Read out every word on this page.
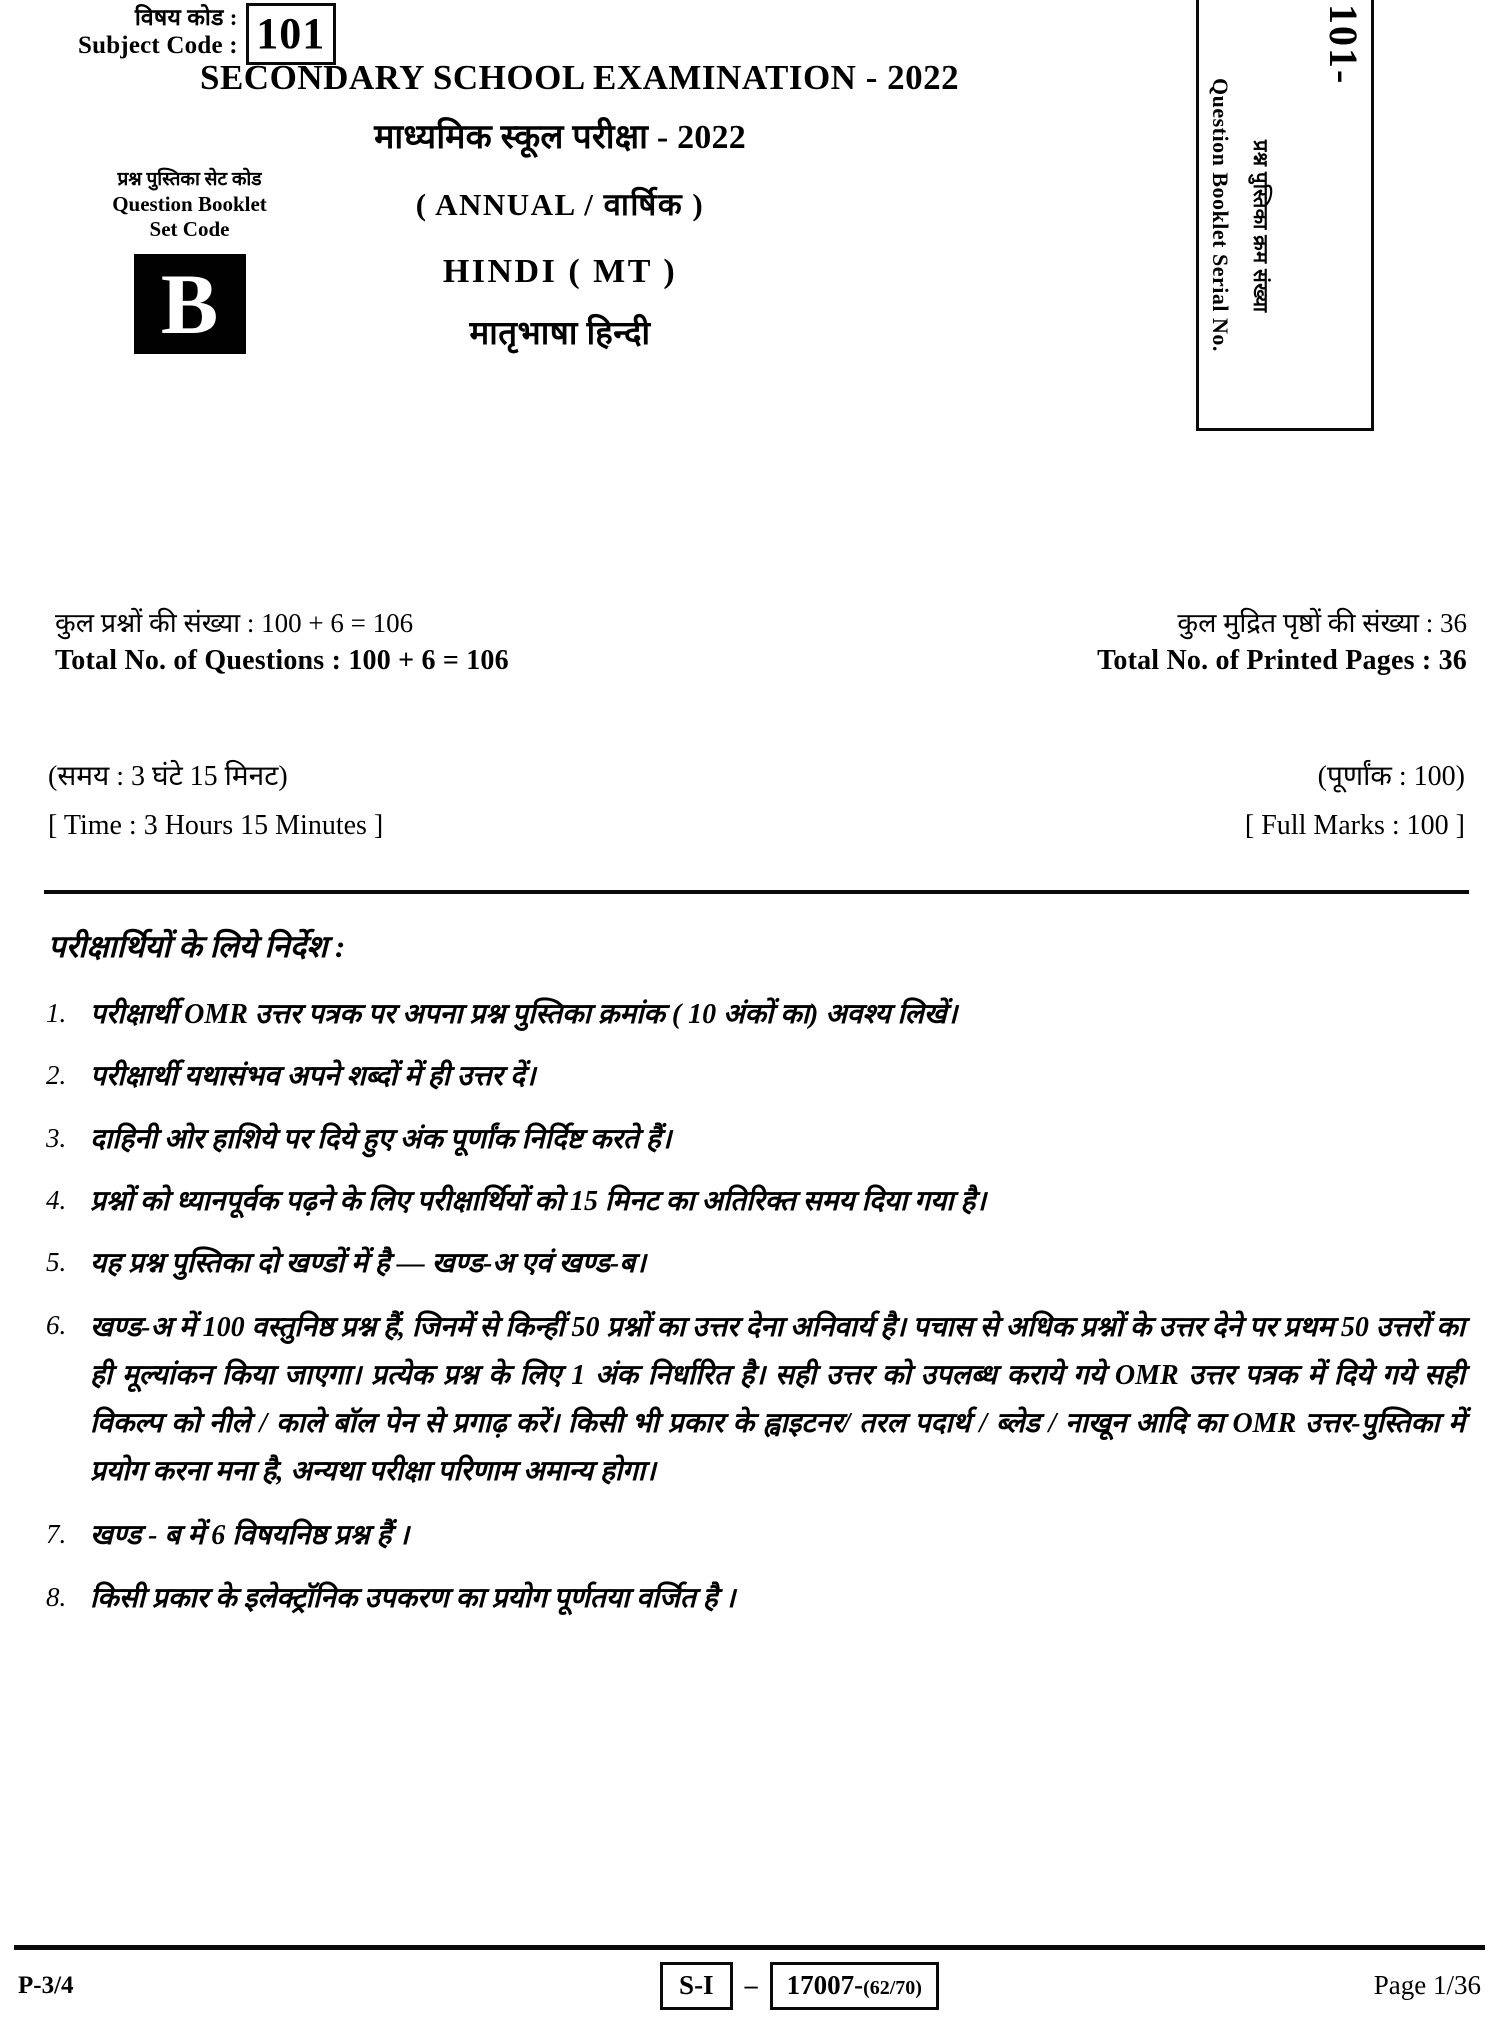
विषय कोड :
Subject Code : 101
SECONDARY SCHOOL EXAMINATION - 2022
माध्यमिक स्कूल परीक्षा - 2022
( ANNUAL / वार्षिक )
HINDI ( MT )
मातृभाषा हिन्दी
प्रश्न पुस्तिका सेट कोड
Question Booklet
Set Code
B
101-
Question Booklet Serial No. प्रश्न पुस्तिका क्रम संख्या
कुल प्रश्नों की संख्या : 100 + 6 = 106
Total No. of Questions : 100 + 6 = 106
कुल मुद्रित पृष्ठों की संख्या : 36
Total No. of Printed Pages : 36
(समय : 3 घंटे 15 मिनट)
[ Time : 3 Hours 15 Minutes ]
(पूर्णांक : 100)
[ Full Marks : 100 ]
परीक्षार्थियों के लिये निर्देश :
1. परीक्षार्थी OMR उत्तर पत्रक पर अपना प्रश्न पुस्तिका क्रमांक ( 10 अंकों का) अवश्य लिखें।
2. परीक्षार्थी यथासंभव अपने शब्दों में ही उत्तर दें।
3. दाहिनी ओर हाशिये पर दिये हुए अंक पूर्णांक निर्दिष्ट करते हैं।
4. प्रश्नों को ध्यानपूर्वक पढ़ने के लिए परीक्षार्थियों को 15 मिनट का अतिरिक्त समय दिया गया है।
5. यह प्रश्न पुस्तिका दो खण्डों में है — खण्ड-अ एवं खण्ड-ब।
6. खण्ड-अ में 100 वस्तुनिष्ठ प्रश्न हैं, जिनमें से किन्हीं 50 प्रश्नों का उत्तर देना अनिवार्य है। पचास से अधिक प्रश्नों के उत्तर देने पर प्रथम 50 उत्तरों का ही मूल्यांकन किया जाएगा। प्रत्येक प्रश्न के लिए 1 अंक निर्धारित है। सही उत्तर को उपलब्ध कराये गये OMR उत्तर पत्रक में दिये गये सही विकल्प को नीले / काले बॉल पेन से प्रगाढ़ करें। किसी भी प्रकार के ह्वाइटनर/ तरल पदार्थ / ब्लेड / नाखून आदि का OMR उत्तर-पुस्तिका में प्रयोग करना मना है, अन्यथा परीक्षा परिणाम अमान्य होगा।
7. खण्ड - ब में 6 विषयनिष्ठ प्रश्न हैं ।
8. किसी प्रकार के इलेक्ट्रॉनिक उपकरण का प्रयोग पूर्णतया वर्जित है ।
P-3/4	S-I	–	17007-(62/70)	Page 1/36
